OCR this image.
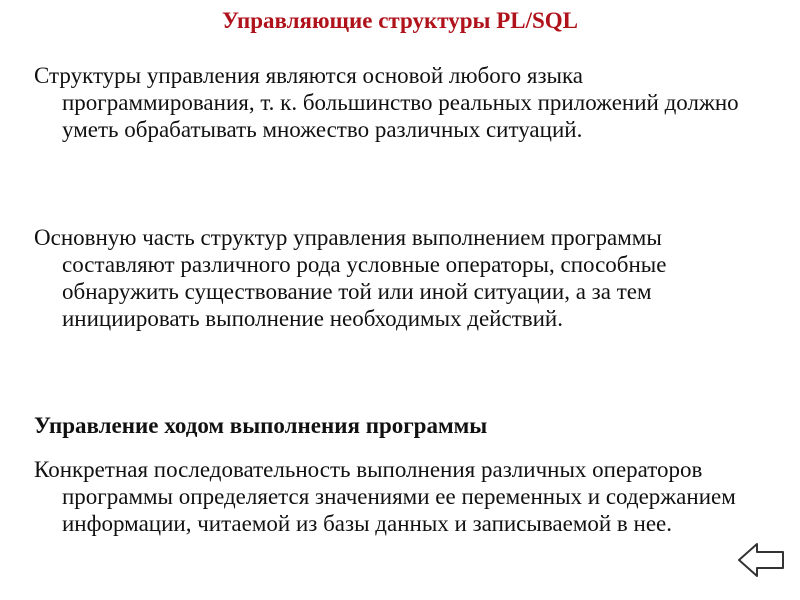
Управляющие структуры PL/SQL
Структуры управления являются основой любого языка программирования, т. к. большинство реальных приложений должно уметь обрабатывать множество различных ситуаций.
Основную часть структур управления выполнением программы составляют различного рода условные операторы, способные обнаружить существование той или иной ситуации, а за тем инициировать выполнение необходимых действий.
Управление ходом выполнения программы
Конкретная последовательность выполнения различных операторов программы определяется значениями ее переменных и содержанием информации, читаемой из базы данных и записываемой в нее.
